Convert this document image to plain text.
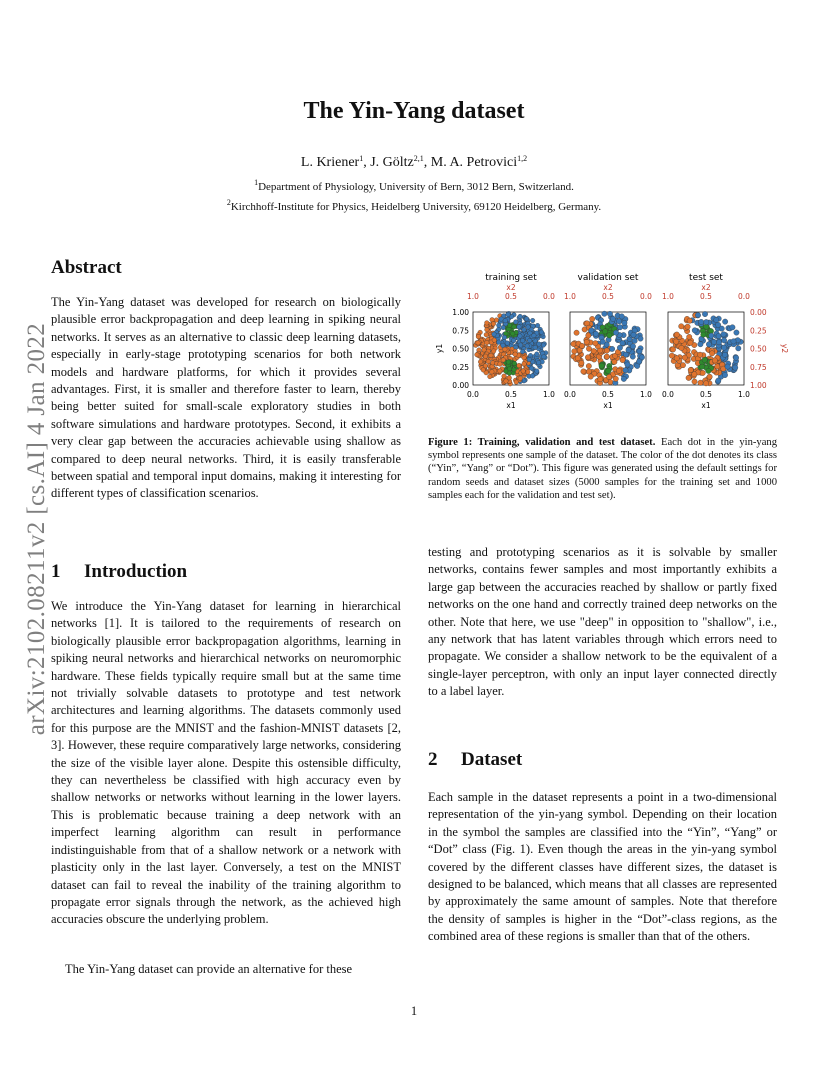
The Yin-Yang dataset
L. Kriener$^1$, J. Göltz$^{2,1}$, M. A. Petrovici$^{1,2}$
$^1$Department of Physiology, University of Bern, 3012 Bern, Switzerland.
$^2$Kirchhoff-Institute for Physics, Heidelberg University, 69120 Heidelberg, Germany.
arXiv:2102.08211v2 [cs.AI] 4 Jan 2022
Abstract

The Yin-Yang dataset was developed for research on biologically plausible error backpropagation and deep learning in spiking neural networks. It serves as an alternative to classic deep learning datasets, especially in early-stage prototyping scenarios for both network models and hardware platforms, for which it provides several advantages. First, it is smaller and therefore faster to learn, thereby being better suited for small-scale exploratory studies in both software simulations and hardware prototypes. Second, it exhibits a very clear gap between the accuracies achievable using shallow as compared to deep neural networks. Third, it is easily transferable between spatial and temporal input domains, making it interesting for different types of classification scenarios.

1 Introduction

We introduce the Yin-Yang dataset for learning in hierarchical networks [1]. It is tailored to the requirements of research on biologically plausible error backpropagation algorithms, learning in spiking neural networks and hierarchical networks on neuromorphic hardware. These fields typically require small but at the same time not trivially solvable datasets to prototype and test network architectures and learning algorithms. The datasets commonly used for this purpose are the MNIST and the fashion-MNIST datasets [2, 3]. However, these require comparatively large networks, considering the size of the visible layer alone. Despite this ostensible difficulty, they can nevertheless be classified with high accuracy even by shallow networks or networks without learning in the lower layers. This is problematic because training a deep network with an imperfect learning algorithm can result in performance indistinguishable from that of a shallow network or a network with plasticity only in the last layer. Conversely, a test on the MNIST dataset can fail to reveal the inability of the training algorithm to propagate error signals through the network, as the achieved high accuracies obscure the underlying problem.

The Yin-Yang dataset can provide an alternative for these

training set
x2
1.0	0.5	0.0
0.0	0.5	1.0
x1
validation set
x2
1.0	0.5	0.0
0.0	0.5	1.0
x1
test set
x2
1.0	0.5	0.0
0.0	0.5	1.0
x1
1.00
0.75
0.50
0.25
0.00
y1
0.00
0.25
0.50
0.75
1.00
y2
Figure 1: Training, validation and test dataset. Each dot in the yin-yang symbol represents one sample of the dataset. The color of the dot denotes its class (“Yin”, “Yang” or “Dot”). This figure was generated using the default settings for random seeds and dataset sizes (5000 samples for the training set and 1000 samples each for the validation and test set).

testing and prototyping scenarios as it is solvable by smaller networks, contains fewer samples and most importantly exhibits a large gap between the accuracies reached by shallow or partly fixed networks on the one hand and correctly trained deep networks on the other. Note that here, we use "deep" in opposition to "shallow", i.e., any network that has latent variables through which errors need to propagate. We consider a shallow network to be the equivalent of a single-layer perceptron, with only an input layer connected directly to a label layer.

2 Dataset

Each sample in the dataset represents a point in a two-dimensional representation of the yin-yang symbol. Depending on their location in the symbol the samples are classified into the “Yin”, “Yang” or “Dot” class (Fig. 1). Even though the areas in the yin-yang symbol covered by the different classes have different sizes, the dataset is designed to be balanced, which means that all classes are represented by approximately the same amount of samples. Note that therefore the density of samples is higher in the “Dot”-class regions, as the combined area of these regions is smaller than that of the others.

1
